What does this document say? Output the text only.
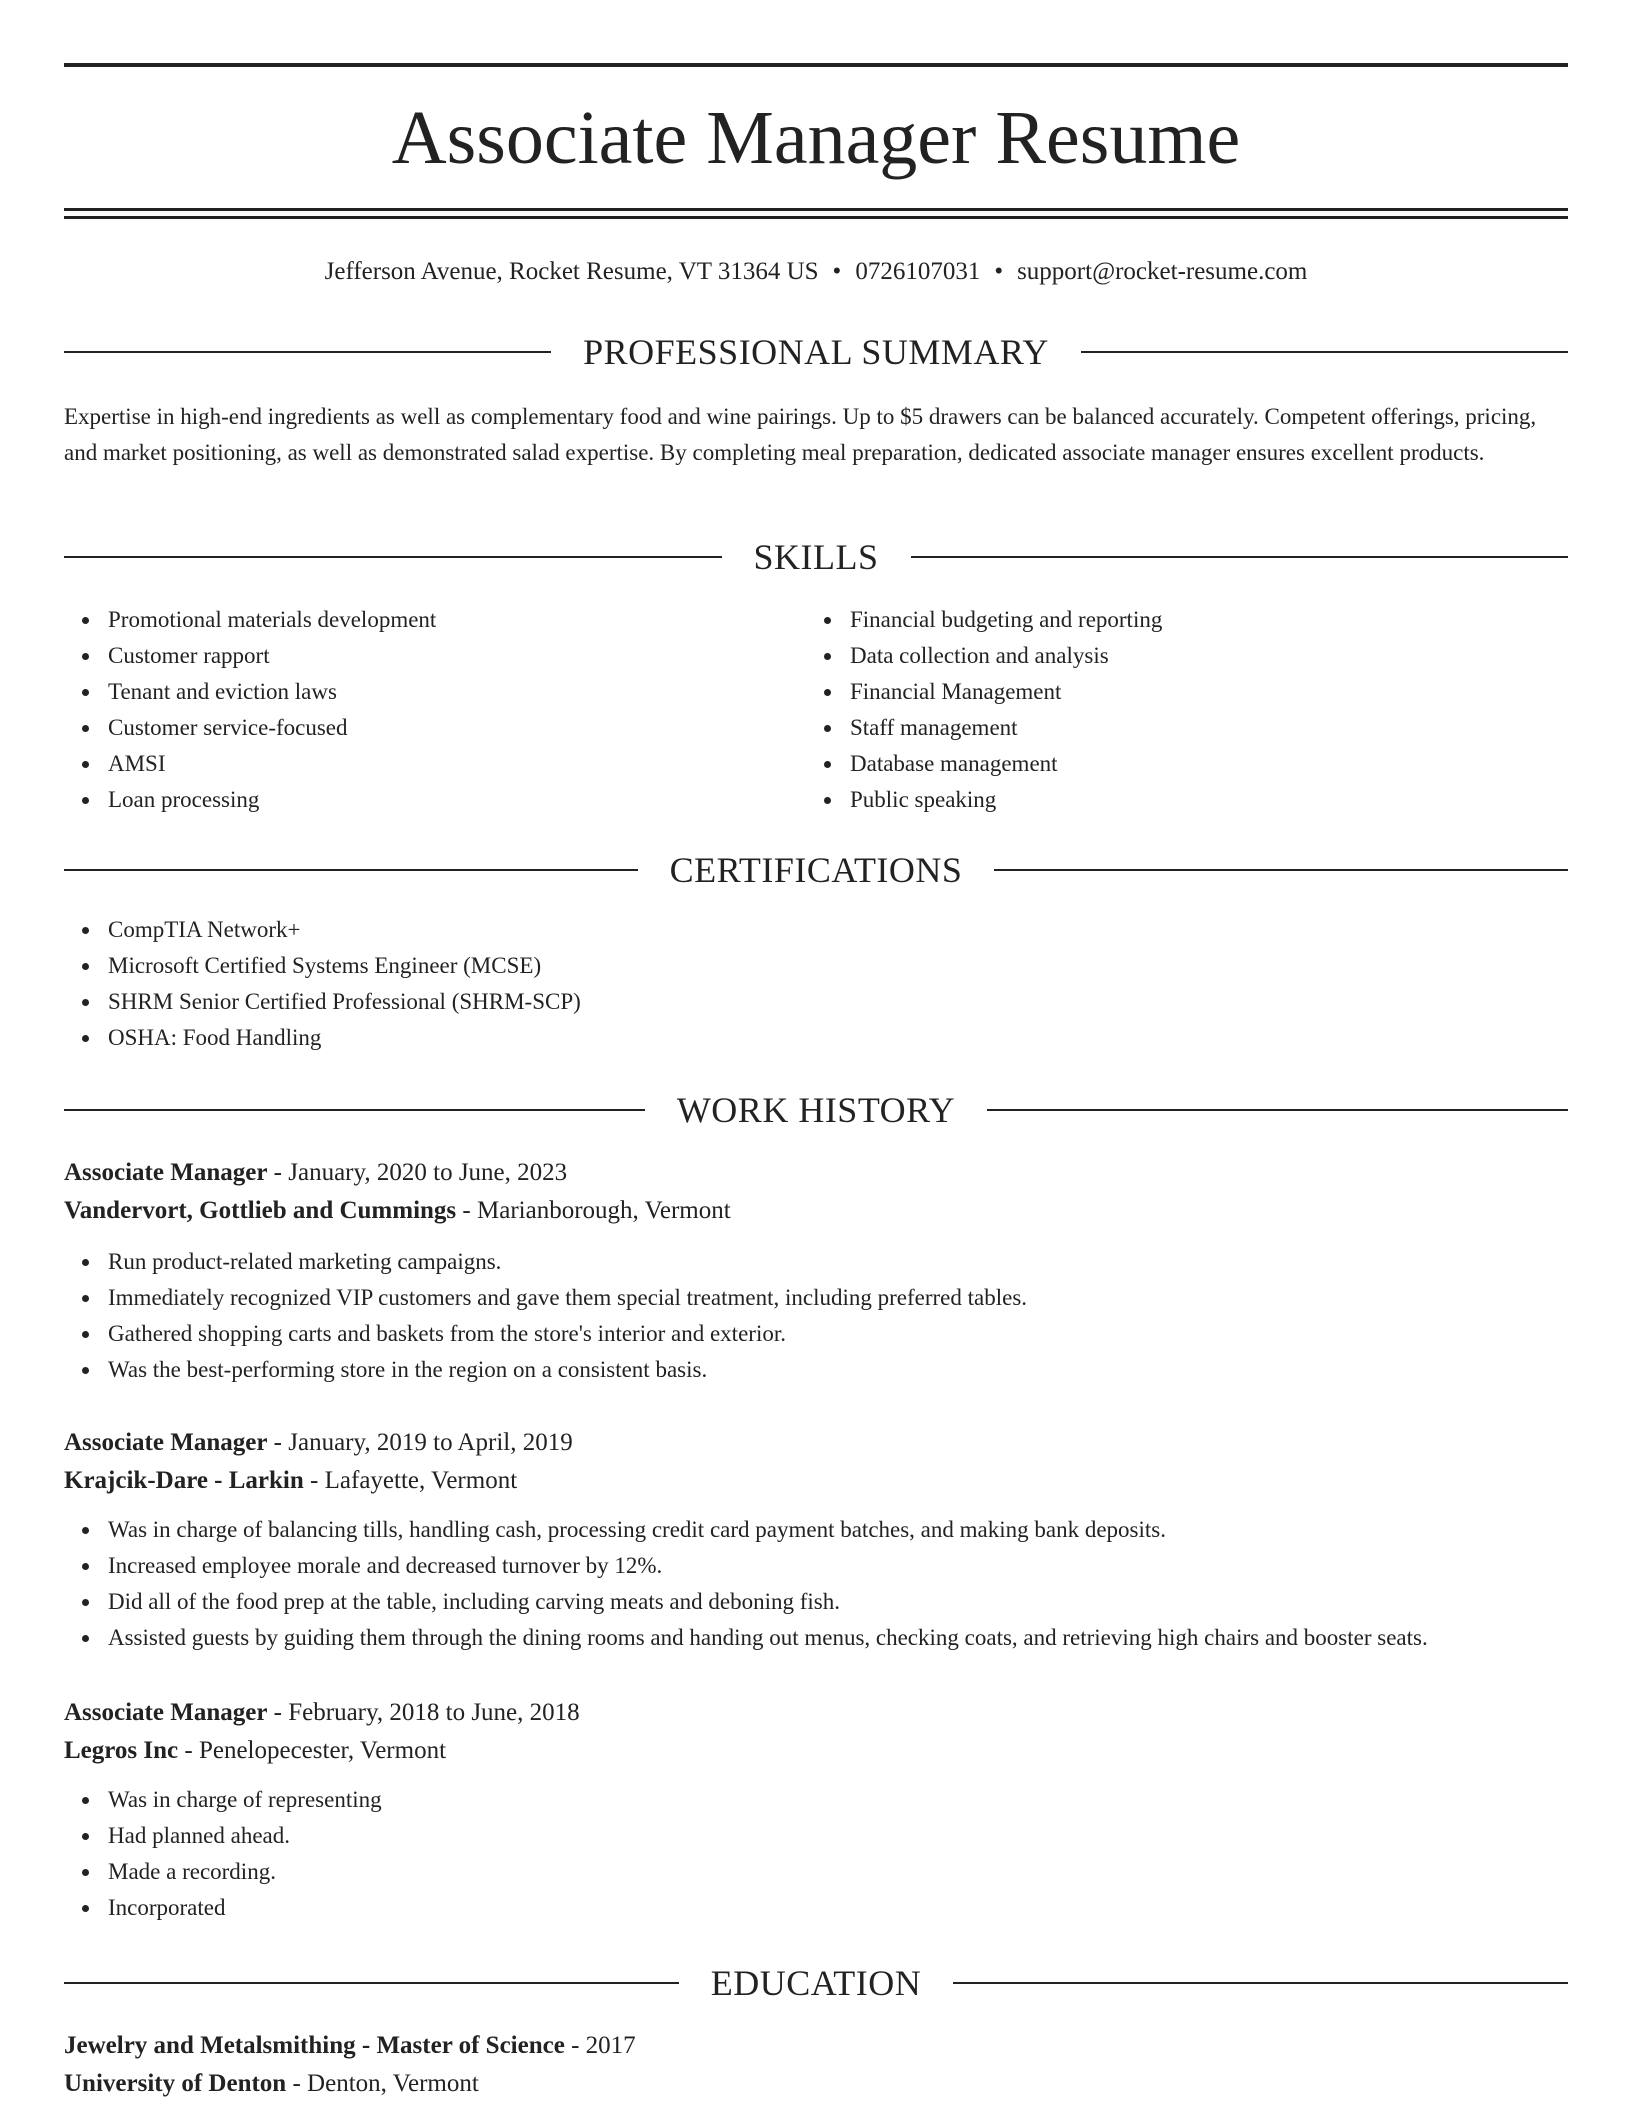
Associate Manager Resume
Jefferson Avenue, Rocket Resume, VT 31364 US • 0726107031 • support@rocket-resume.com
PROFESSIONAL SUMMARY
Expertise in high-end ingredients as well as complementary food and wine pairings. Up to $5 drawers can be balanced accurately. Competent offerings, pricing, and market positioning, as well as demonstrated salad expertise. By completing meal preparation, dedicated associate manager ensures excellent products.
SKILLS
Promotional materials development
Customer rapport
Tenant and eviction laws
Customer service-focused
AMSI
Loan processing
Financial budgeting and reporting
Data collection and analysis
Financial Management
Staff management
Database management
Public speaking
CERTIFICATIONS
CompTIA Network+
Microsoft Certified Systems Engineer (MCSE)
SHRM Senior Certified Professional (SHRM-SCP)
OSHA: Food Handling
WORK HISTORY
Associate Manager - January, 2020 to June, 2023
Vandervort, Gottlieb and Cummings - Marianborough, Vermont
Run product-related marketing campaigns.
Immediately recognized VIP customers and gave them special treatment, including preferred tables.
Gathered shopping carts and baskets from the store's interior and exterior.
Was the best-performing store in the region on a consistent basis.
Associate Manager - January, 2019 to April, 2019
Krajcik-Dare - Larkin - Lafayette, Vermont
Was in charge of balancing tills, handling cash, processing credit card payment batches, and making bank deposits.
Increased employee morale and decreased turnover by 12%.
Did all of the food prep at the table, including carving meats and deboning fish.
Assisted guests by guiding them through the dining rooms and handing out menus, checking coats, and retrieving high chairs and booster seats.
Associate Manager - February, 2018 to June, 2018
Legros Inc - Penelopecester, Vermont
Was in charge of representing
Had planned ahead.
Made a recording.
Incorporated
EDUCATION
Jewelry and Metalsmithing - Master of Science - 2017
University of Denton - Denton, Vermont
